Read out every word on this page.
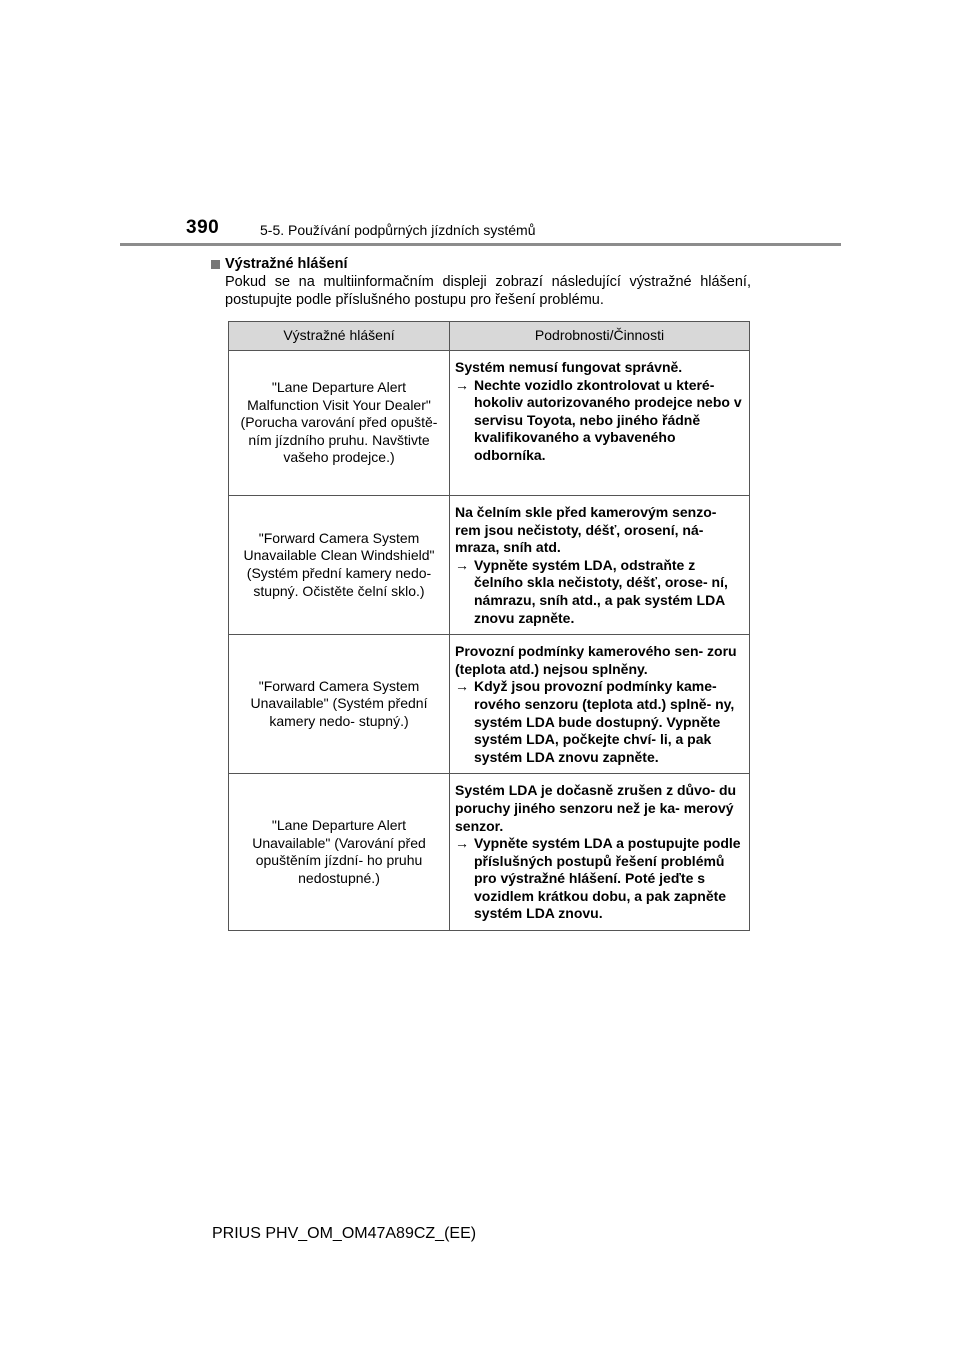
390	5-5. Používání podpůrných jízdních systémů
Výstražné hlášení
Pokud se na multiinformačním displeji zobrazí následující výstražné hlášení, postupujte podle příslušného postupu pro řešení problému.
Výstražné hlášení	Podrobnosti/Činnosti
"Lane Departure Alert Malfunction Visit Your Dealer" (Porucha varování před opuště- ním jízdního pruhu. Navštivte vašeho prodejce.)	Systém nemusí fungovat správně.
→ Nechte vozidlo zkontrolovat u které- hokoliv autorizovaného prodejce nebo v servisu Toyota, nebo jiného řádně kvalifikovaného a vybaveného odborníka.

"Forward Camera System Unavailable Clean Windshield" (Systém přední kamery nedo- stupný. Očistěte čelní sklo.)	Na čelním skle před kamerovým senzo- rem jsou nečistoty, déšť, orosení, ná- mraza, sníh atd.
→ Vypněte systém LDA, odstraňte z čelního skla nečistoty, déšť, orose- ní, námrazu, sníh atd., a pak systém LDA znovu zapněte.

"Forward Camera System Unavailable" (Systém přední kamery nedo- stupný.)	Provozní podmínky kamerového sen- zoru (teplota atd.) nejsou splněny.
→ Když jsou provozní podmínky kame- rového senzoru (teplota atd.) splně- ny, systém LDA bude dostupný. Vypněte systém LDA, počkejte chví- li, a pak systém LDA znovu zapněte.

"Lane Departure Alert Unavailable" (Varování před opuštěním jízdní- ho pruhu nedostupné.)	Systém LDA je dočasně zrušen z důvo- du poruchy jiného senzoru než je ka- merový senzor.
→ Vypněte systém LDA a postupujte podle příslušných postupů řešení problémů pro výstražné hlášení. Poté jeďte s vozidlem krátkou dobu, a pak zapněte systém LDA znovu.
PRIUS PHV_OM_OM47A89CZ_(EE)
